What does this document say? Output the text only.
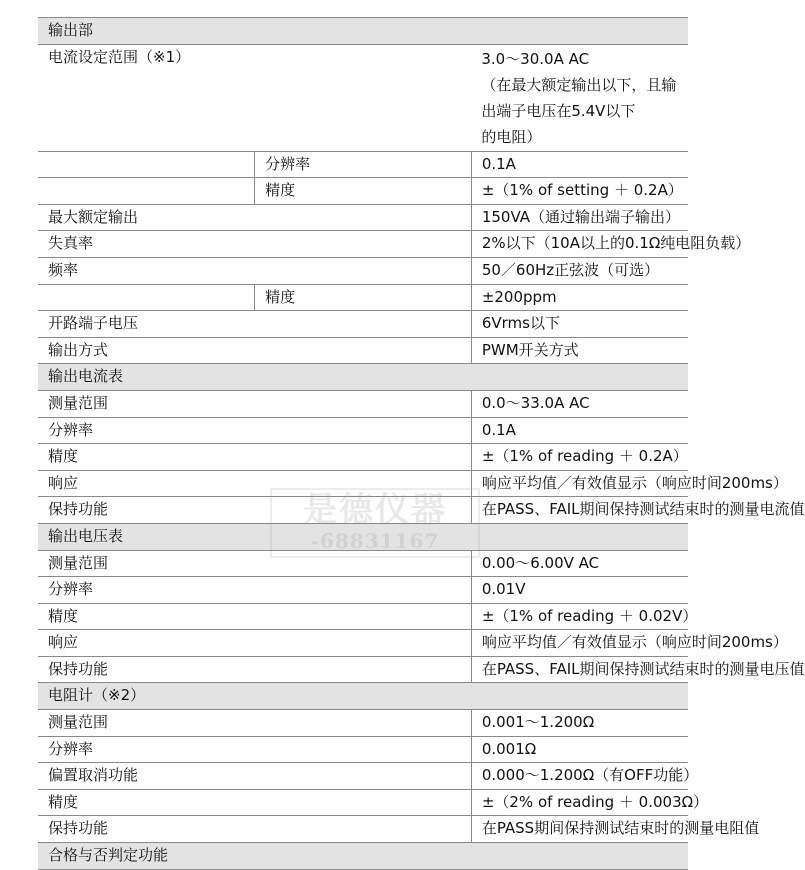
输出部		
电流设定范围（※1）		3.0〜30.0A AC
（在最大额定输出以下，且输出端子电压在5.4V以下
的电阻）

	分辨率	0.1A
	精度	±（1% of setting ＋ 0.2A）
最大额定输出		150VA（通过输出端子输出）
失真率		2%以下（10A以上的0.1Ω纯电阻负载）
频率		50／60Hz正弦波（可选）
	精度	±200ppm
开路端子电压		6Vrms以下
输出方式		PWM开关方式
输出电流表		
测量范围		0.0〜33.0A AC
分辨率		0.1A
精度		±（1% of reading ＋ 0.2A）
响应		响应平均值／有效值显示（响应时间200ms）
保持功能		在PASS、FAIL期间保持测试结束时的测量电流值
输出电压表		
测量范围		0.00〜6.00V AC
分辨率		0.01V
精度		±（1% of reading ＋ 0.02V）
响应		响应平均值／有效值显示（响应时间200ms）
保持功能		在PASS、FAIL期间保持测试结束时的测量电压值
电阻计（※2）		
测量范围		0.001〜1.200Ω
分辨率		0.001Ω
偏置取消功能		0.000〜1.200Ω（有OFF功能）
精度		±（2% of reading ＋ 0.003Ω）
保持功能		在PASS期间保持测试结束时的测量电阻值
合格与否判定功能		
是德仪器
-68831167
